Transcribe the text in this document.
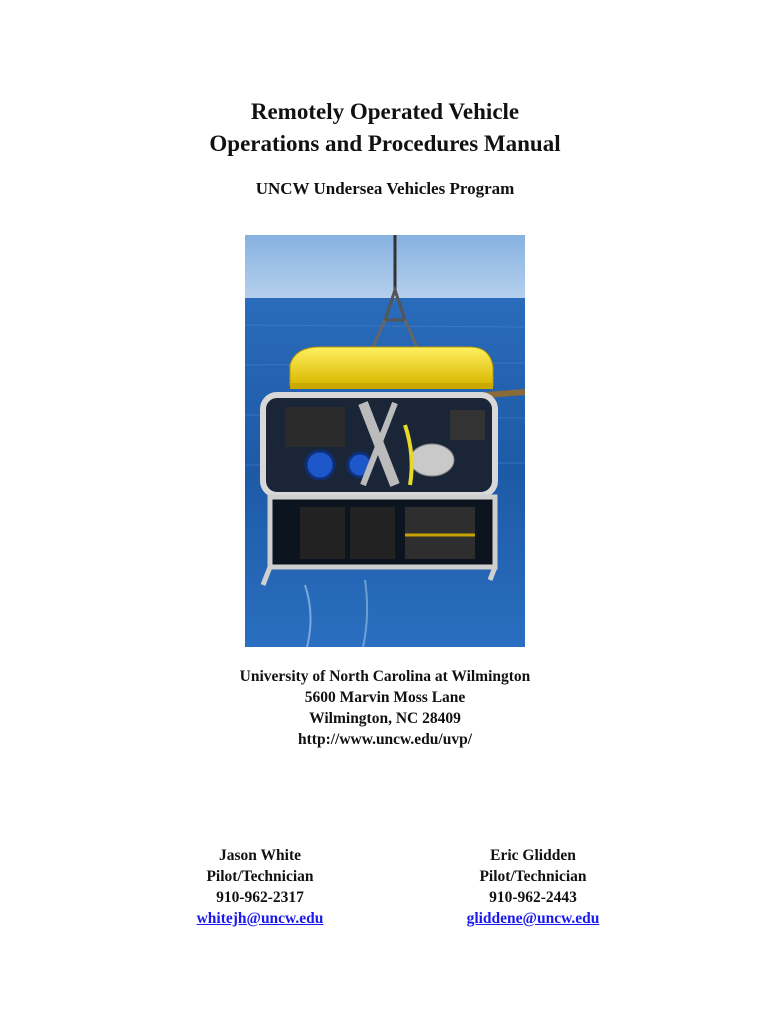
Remotely Operated Vehicle
Operations and Procedures Manual
UNCW Undersea Vehicles Program
University of North Carolina at Wilmington
5600 Marvin Moss Lane
Wilmington, NC 28409
http://www.uncw.edu/uvp/
Jason White
Pilot/Technician
910-962-2317
whitejh@uncw.edu
Eric Glidden
Pilot/Technician
910-962-2443
gliddene@uncw.edu
